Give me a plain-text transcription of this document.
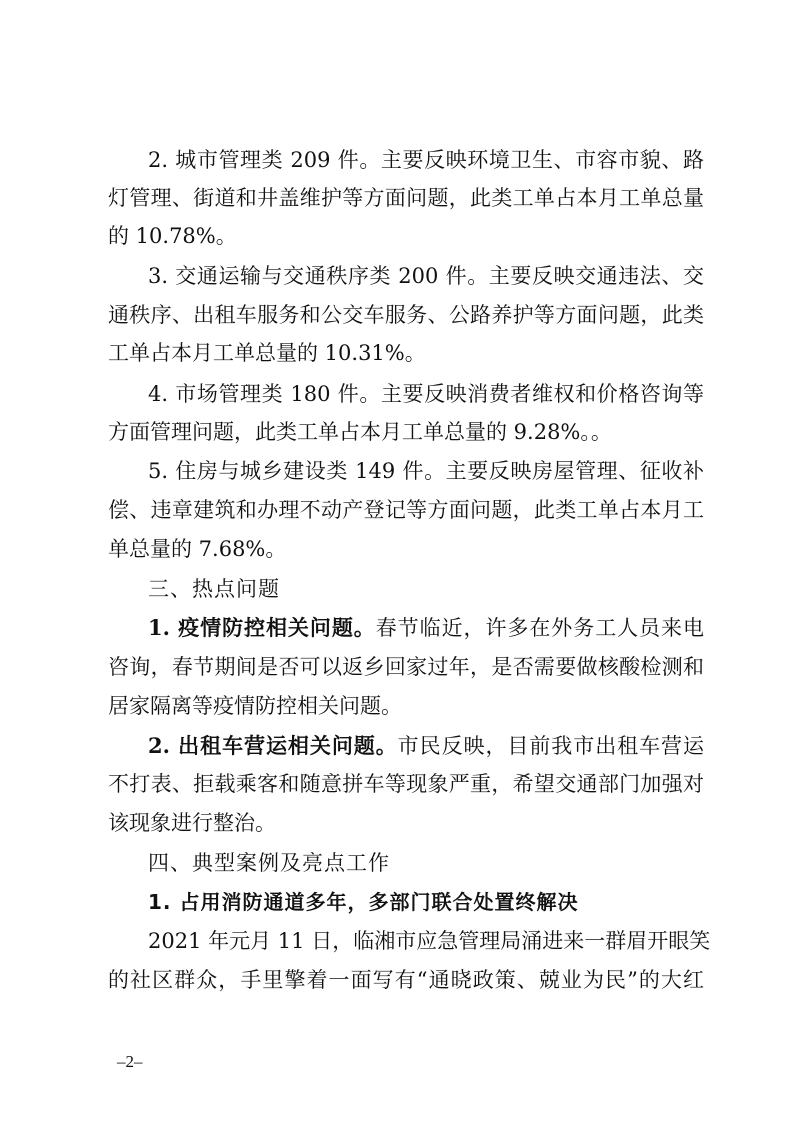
2. 城市管理类 209 件。主要反映环境卫生、市容市貌、路
灯管理、街道和井盖维护等方面问题，此类工单占本月工单总量
的 10.78%。
3. 交通运输与交通秩序类 200 件。主要反映交通违法、交
通秩序、出租车服务和公交车服务、公路养护等方面问题，此类
工单占本月工单总量的 10.31%。
4. 市场管理类 180 件。主要反映消费者维权和价格咨询等
方面管理问题，此类工单占本月工单总量的 9.28%。。
5. 住房与城乡建设类 149 件。主要反映房屋管理、征收补
偿、违章建筑和办理不动产登记等方面问题，此类工单占本月工
单总量的 7.68%。
三、热点问题
1. 疫情防控相关问题。春节临近，许多在外务工人员来电
咨询，春节期间是否可以返乡回家过年，是否需要做核酸检测和
居家隔离等疫情防控相关问题。
2. 出租车营运相关问题。市民反映，目前我市出租车营运
不打表、拒载乘客和随意拼车等现象严重，希望交通部门加强对
该现象进行整治。
四、典型案例及亮点工作
1. 占用消防通道多年，多部门联合处置终解决
2021 年元月 11 日，临湘市应急管理局涌进来一群眉开眼笑
的社区群众，手里擎着一面写有“通晓政策、兢业为民”的大红
–2–
